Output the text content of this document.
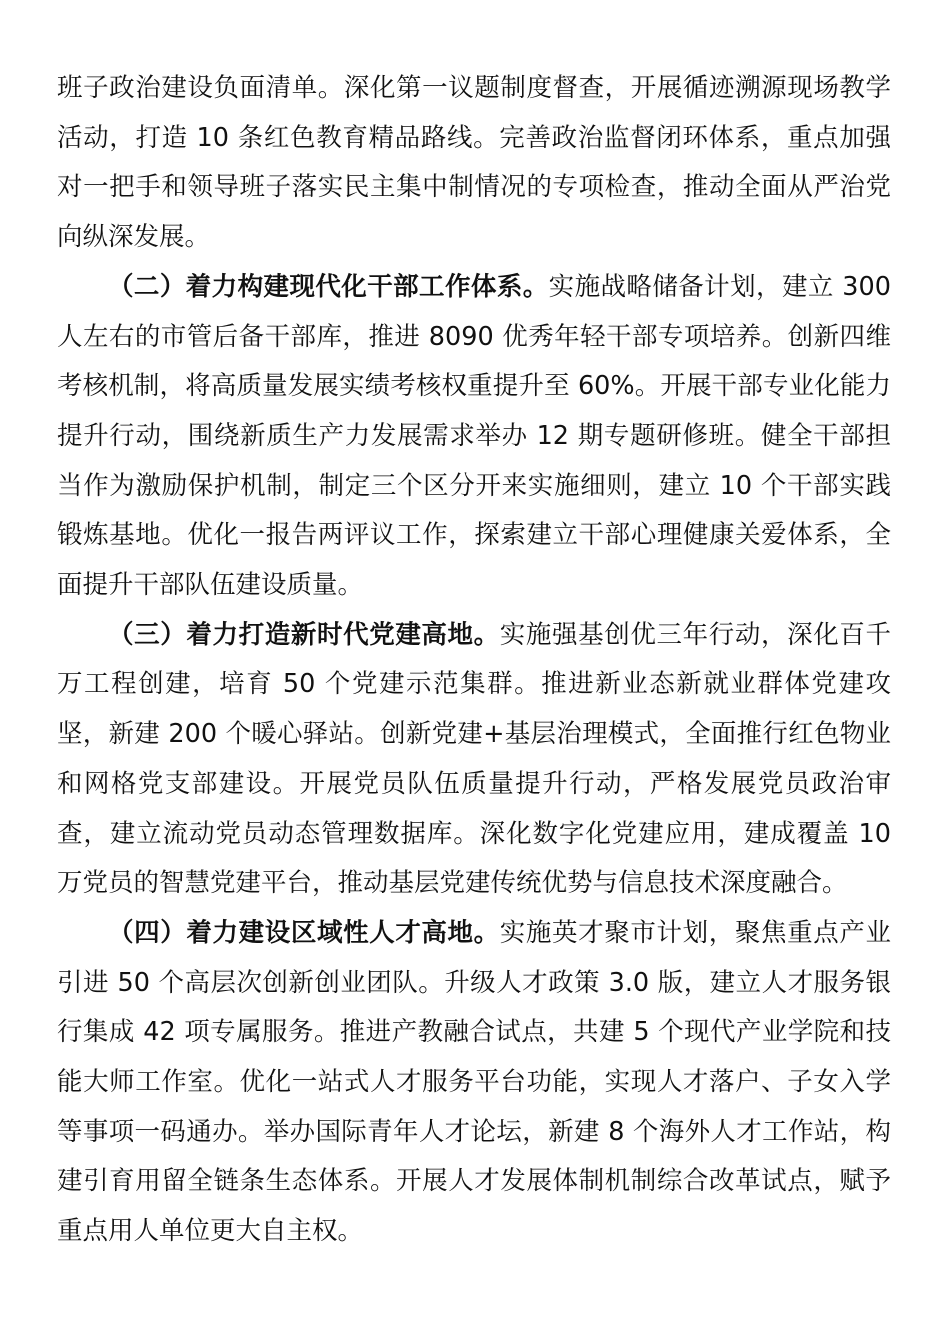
班子政治建设负面清单。深化第一议题制度督查，开展循迹溯源现场教学活动，打造 10 条红色教育精品路线。完善政治监督闭环体系，重点加强对一把手和领导班子落实民主集中制情况的专项检查，推动全面从严治党向纵深发展。

（二）着力构建现代化干部工作体系。实施战略储备计划，建立 300 人左右的市管后备干部库，推进 8090 优秀年轻干部专项培养。创新四维考核机制，将高质量发展实绩考核权重提升至 60%。开展干部专业化能力提升行动，围绕新质生产力发展需求举办 12 期专题研修班。健全干部担当作为激励保护机制，制定三个区分开来实施细则，建立 10 个干部实践锻炼基地。优化一报告两评议工作，探索建立干部心理健康关爱体系，全面提升干部队伍建设质量。

（三）着力打造新时代党建高地。实施强基创优三年行动，深化百千万工程创建，培育 50 个党建示范集群。推进新业态新就业群体党建攻坚，新建 200 个暖心驿站。创新党建+基层治理模式，全面推行红色物业和网格党支部建设。开展党员队伍质量提升行动，严格发展党员政治审查，建立流动党员动态管理数据库。深化数字化党建应用，建成覆盖 10 万党员的智慧党建平台，推动基层党建传统优势与信息技术深度融合。

（四）着力建设区域性人才高地。实施英才聚市计划，聚焦重点产业引进 50 个高层次创新创业团队。升级人才政策 3.0 版，建立人才服务银行集成 42 项专属服务。推进产教融合试点，共建 5 个现代产业学院和技能大师工作室。优化一站式人才服务平台功能，实现人才落户、子女入学等事项一码通办。举办国际青年人才论坛，新建 8 个海外人才工作站，构建引育用留全链条生态体系。开展人才发展体制机制综合改革试点，赋予重点用人单位更大自主权。
